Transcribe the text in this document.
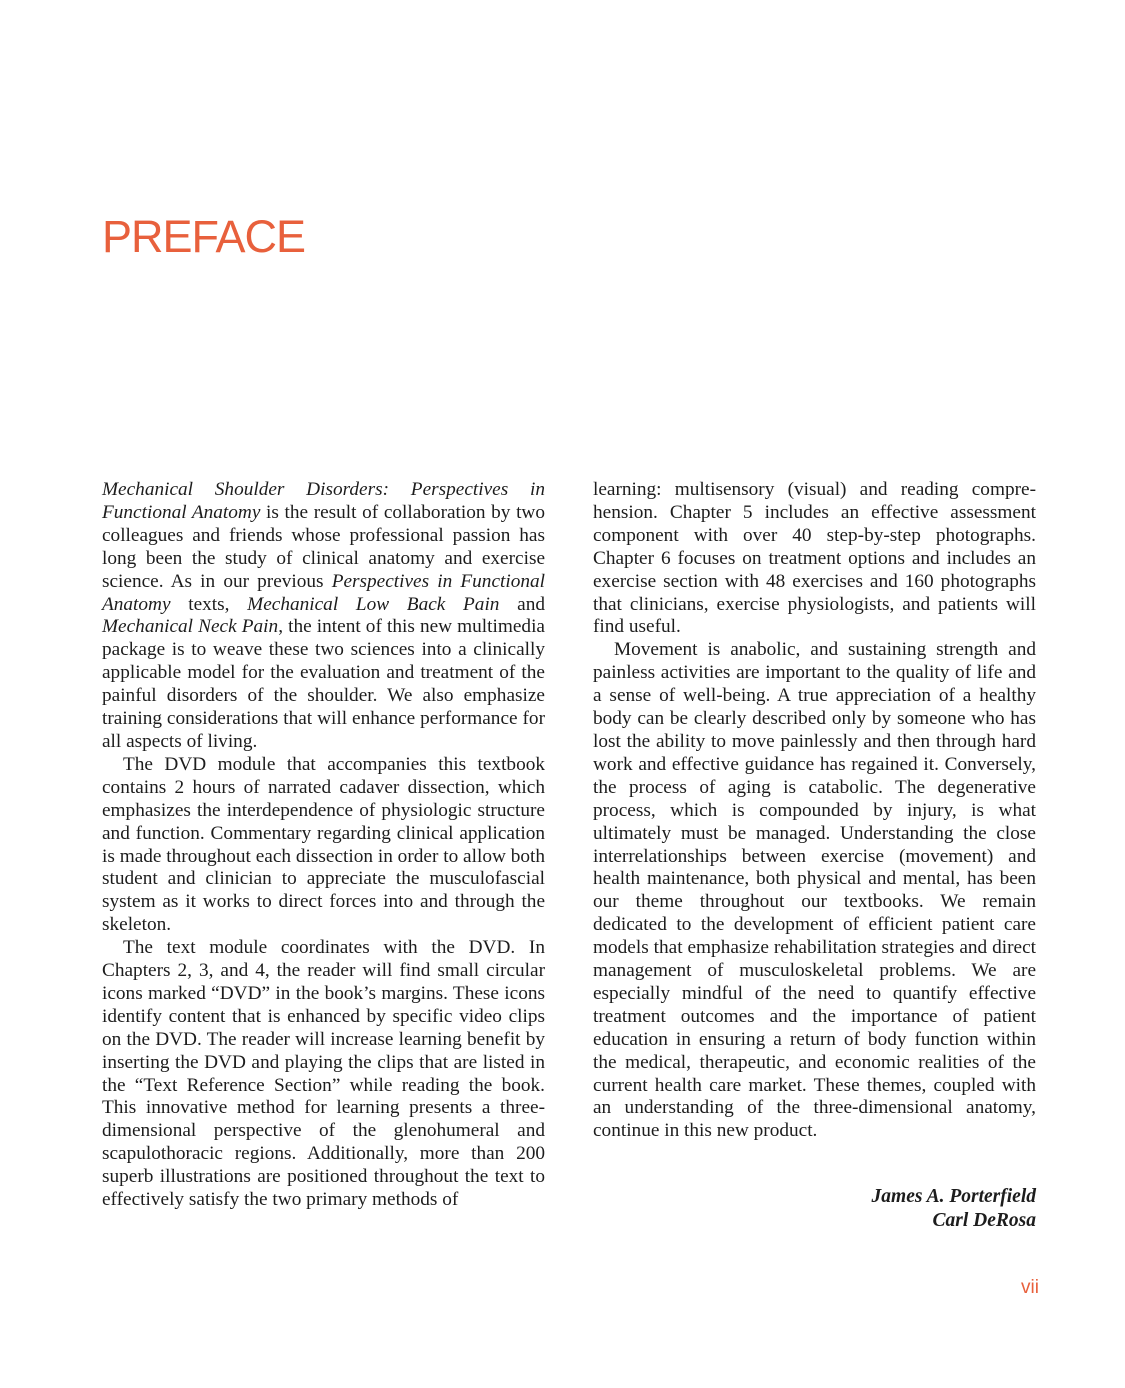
PREFACE

Mechanical Shoulder Disorders: Perspectives in Functional Anatomy is the result of collaboration by two colleagues and friends whose professional passion has long been the study of clinical anatomy and exercise science. As in our previous Perspectives in Functional Anatomy texts, Mechanical Low Back Pain and Mechanical Neck Pain, the intent of this new multimedia package is to weave these two sciences into a clinically applicable model for the evaluation and treatment of the painful disorders of the shoulder. We also emphasize training considerations that will enhance performance for all aspects of living.

The DVD module that accompanies this textbook contains 2 hours of narrated cadaver dissection, which emphasizes the interdependence of physiologic structure and function. Commentary regarding clinical application is made throughout each dissection in order to allow both student and clinician to appreciate the musculofascial system as it works to direct forces into and through the skeleton.

The text module coordinates with the DVD. In Chapters 2, 3, and 4, the reader will find small circular icons marked “DVD” in the book’s margins. These icons identify content that is enhanced by specific video clips on the DVD. The reader will increase learning benefit by inserting the DVD and playing the clips that are listed in the “Text Reference Section” while reading the book. This innovative method for learning presents a three-dimensional perspective of the glenohumeral and scapulothoracic regions. Additionally, more than 200 superb illustrations are positioned throughout the text to effectively satisfy the two primary methods of

learning: multisensory (visual) and reading comprehension. Chapter 5 includes an effective assessment component with over 40 step-by-step photographs. Chapter 6 focuses on treatment options and includes an exercise section with 48 exercises and 160 photographs that clinicians, exercise physiologists, and patients will find useful.

Movement is anabolic, and sustaining strength and painless activities are important to the quality of life and a sense of well-being. A true appreciation of a healthy body can be clearly described only by someone who has lost the ability to move painlessly and then through hard work and effective guidance has regained it. Conversely, the process of aging is catabolic. The degenerative process, which is compounded by injury, is what ultimately must be managed. Understanding the close interrelationships between exercise (movement) and health maintenance, both physical and mental, has been our theme throughout our textbooks. We remain dedicated to the development of efficient patient care models that emphasize rehabilitation strategies and direct management of musculoskeletal problems. We are especially mindful of the need to quantify effective treatment outcomes and the importance of patient education in ensuring a return of body function within the medical, therapeutic, and economic realities of the current health care market. These themes, coupled with an understanding of the three-dimensional anatomy, continue in this new product.

James A. Porterfield
Carl DeRosa
vii
